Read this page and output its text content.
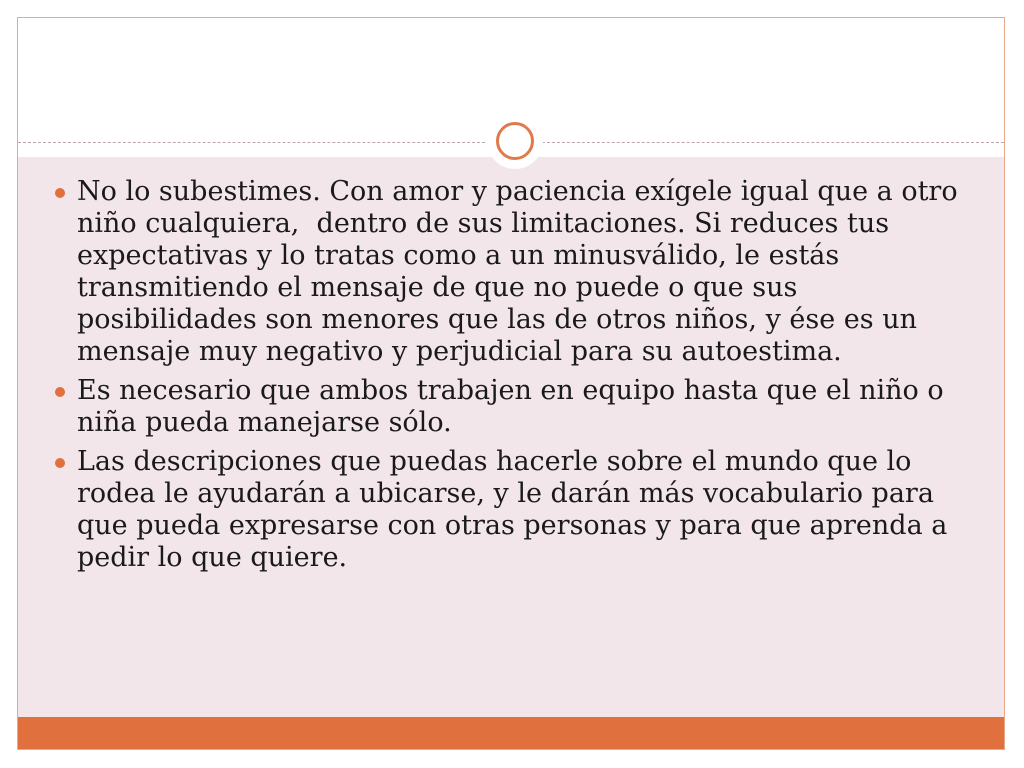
No lo subestimes. Con amor y paciencia exígele igual que a otro niño cualquiera,  dentro de sus limitaciones. Si reduces tus expectativas y lo tratas como a un minusválido, le estás  transmitiendo el mensaje de que no puede o que sus posibilidades son menores que las de otros niños, y ése es un mensaje muy negativo y perjudicial para su autoestima.
Es necesario que ambos trabajen en equipo hasta que el niño o niña pueda manejarse sólo.
Las descripciones que puedas hacerle sobre el mundo que lo rodea le ayudarán a ubicarse, y le darán más vocabulario para que pueda expresarse con otras personas y para que aprenda a pedir lo que quiere.
